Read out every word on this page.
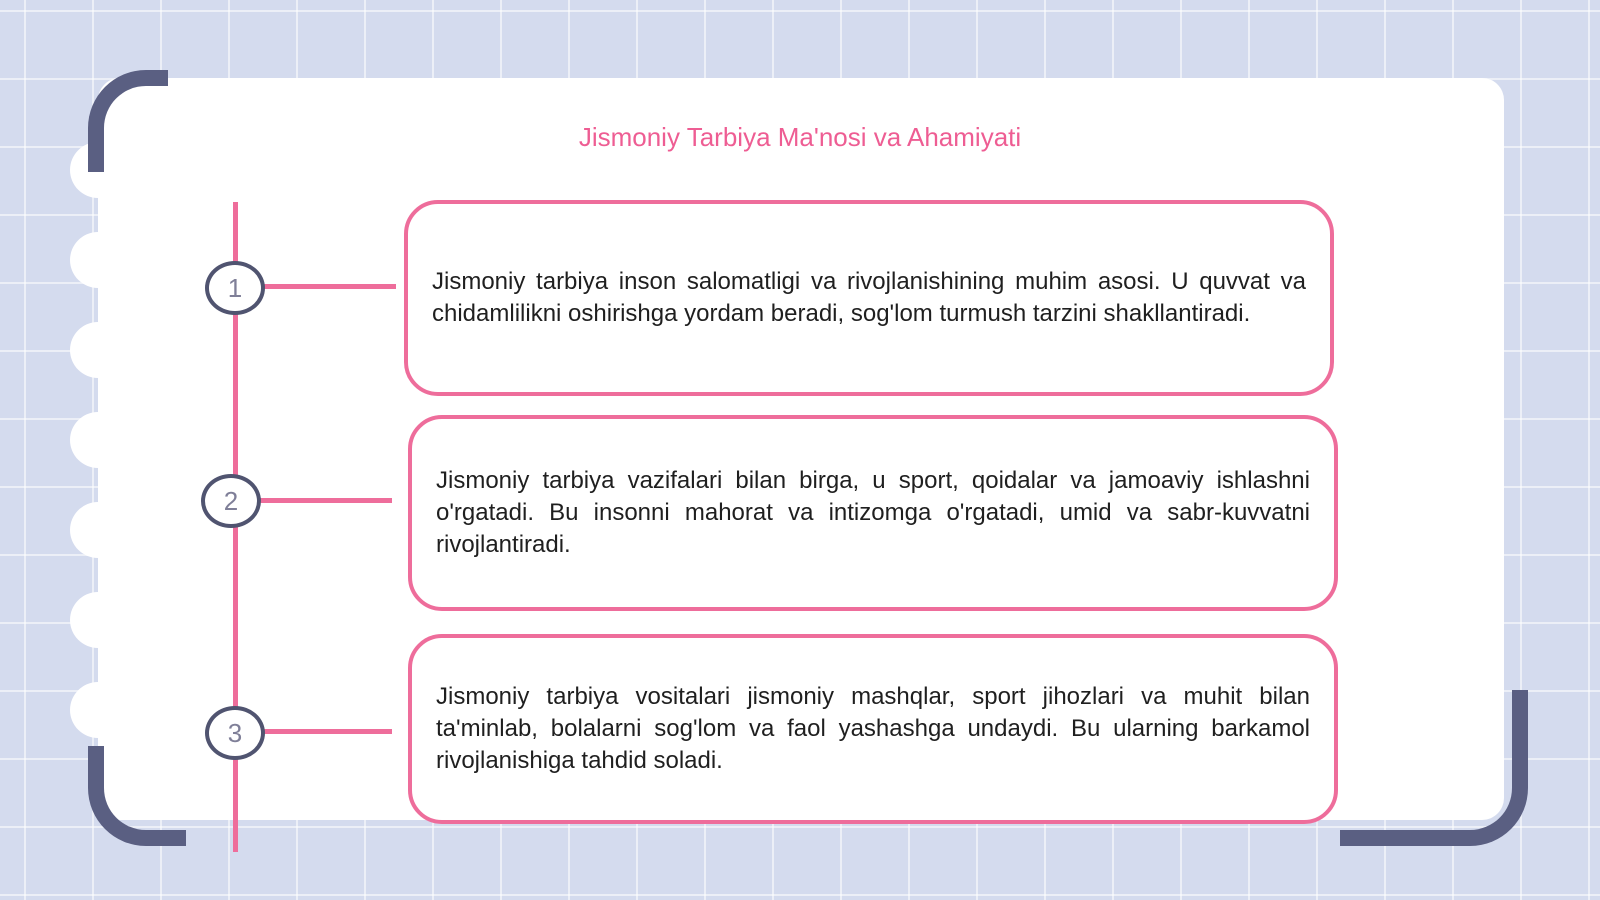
Jismoniy Tarbiya Ma'nosi va Ahamiyati
1
2
3

Jismoniy tarbiya inson salomatligi va rivojlanishining muhim asosi. U quvvat va chidamlilikni oshirishga yordam beradi, sog'lom turmush tarzini shakllantiradi.

Jismoniy tarbiya vazifalari bilan birga, u sport, qoidalar va jamoaviy ishlashni o'rgatadi. Bu insonni mahorat va intizomga o'rgatadi, umid va sabr-kuvvatni rivojlantiradi.

Jismoniy tarbiya vositalari jismoniy mashqlar, sport jihozlari va muhit bilan ta'minlab, bolalarni sog'lom va faol yashashga undaydi. Bu ularning barkamol rivojlanishiga tahdid soladi.
